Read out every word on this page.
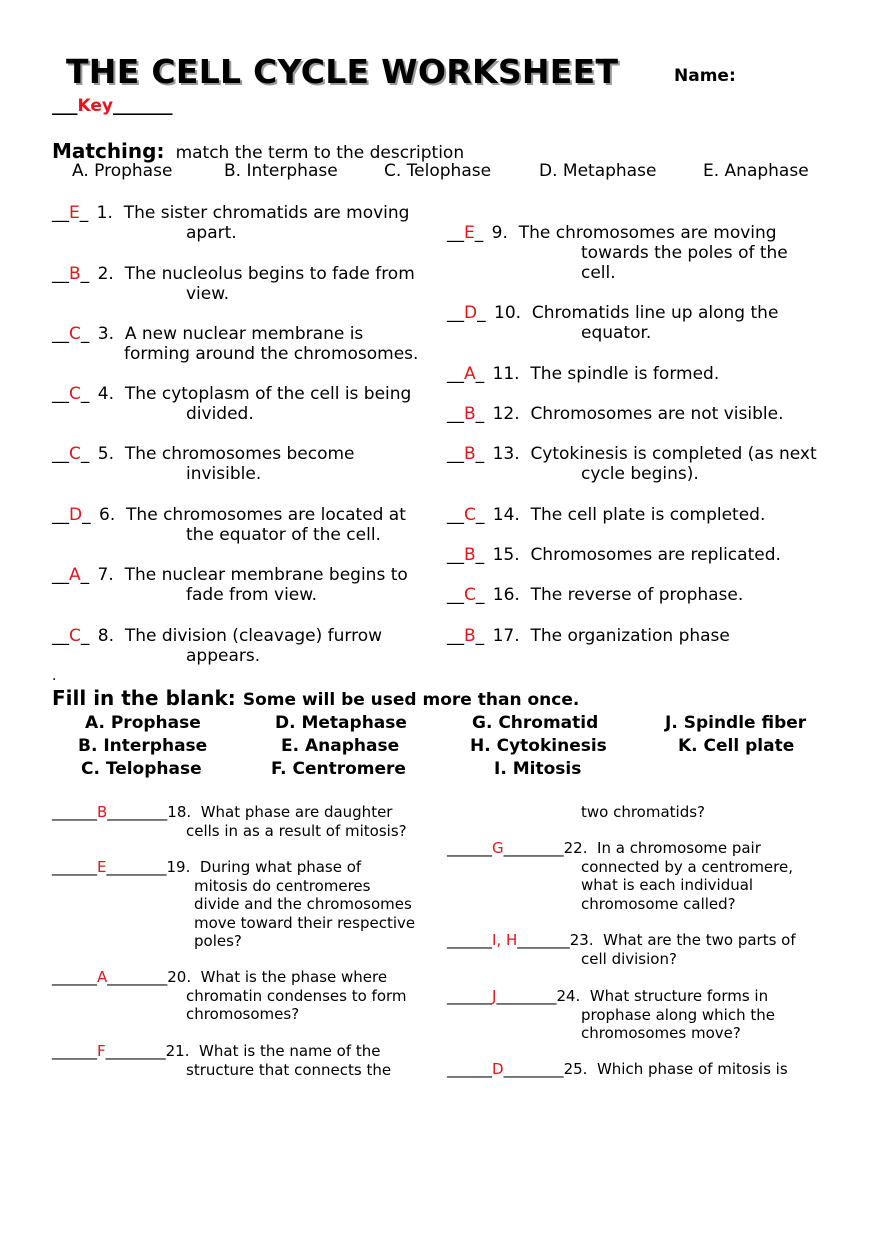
THE CELL CYCLE WORKSHEET	Name:
___Key_______
Matching: match the term to the description
A. Prophase	B. Interphase	C. Telophase	D. Metaphase	E. Anaphase
__E_ 1. The sister chromatids are moving
apart.
__B_ 2. The nucleolus begins to fade from
view.
__C_ 3. A new nuclear membrane is
forming around the chromosomes.
__C_ 4. The cytoplasm of the cell is being
divided.
__C_ 5. The chromosomes become
invisible.
__D_ 6. The chromosomes are located at
the equator of the cell.
__A_ 7. The nuclear membrane begins to
fade from view.
__C_ 8. The division (cleavage) furrow
appears.
__E_ 9. The chromosomes are moving
towards the poles of the
cell.
__D_ 10. Chromatids line up along the
equator.
__A_ 11. The spindle is formed.
__B_ 12. Chromosomes are not visible.
__B_ 13. Cytokinesis is completed (as next
cycle begins).
__C_ 14. The cell plate is completed.
__B_ 15. Chromosomes are replicated.
__C_ 16. The reverse of prophase.
__B_ 17. The organization phase
.
Fill in the blank: Some will be used more than once.
A. Prophase	D. Metaphase	G. Chromatid	J. Spindle fiber
B. Interphase	E. Anaphase	H. Cytokinesis	K. Cell plate
C. Telophase	F. Centromere	I. Mitosis
______B________18. What phase are daughter
cells in as a result of mitosis?
______E________19. During what phase of
mitosis do centromeres
divide and the chromosomes
move toward their respective
poles?
______A________20. What is the phase where
chromatin condenses to form
chromosomes?
______F________21. What is the name of the
structure that connects the
two chromatids?
______G________22. In a chromosome pair
connected by a centromere,
what is each individual
chromosome called?
______I, H_______23. What are the two parts of
cell division?
______J________24. What structure forms in
prophase along which the
chromosomes move?
______D________25. Which phase of mitosis is
